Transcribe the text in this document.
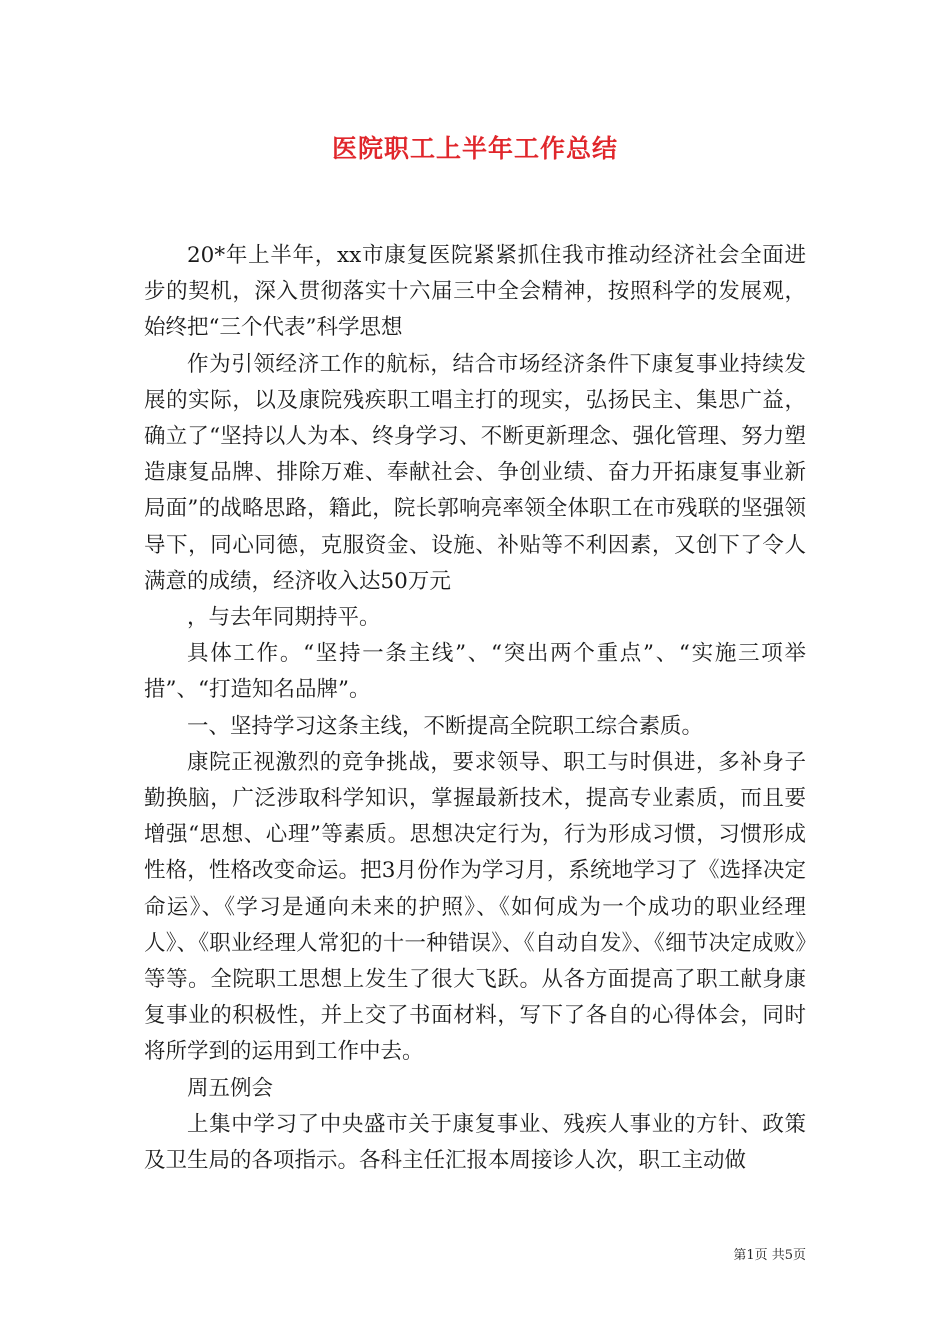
医院职工上半年工作总结

20*年上半年，xx市康复医院紧紧抓住我市推动经济社会全面进步的契机，深入贯彻落实十六届三中全会精神，按照科学的发展观，始终把“三个代表”科学思想

作为引领经济工作的航标，结合市场经济条件下康复事业持续发展的实际，以及康院残疾职工唱主打的现实，弘扬民主、集思广益，确立了“坚持以人为本、终身学习、不断更新理念、强化管理、努力塑造康复品牌、排除万难、奉献社会、争创业绩、奋力开拓康复事业新局面”的战略思路，籍此，院长郭响亮率领全体职工在市残联的坚强领导下，同心同德，克服资金、设施、补贴等不利因素，又创下了令人满意的成绩，经济收入达50万元

，与去年同期持平。

具体工作。“坚持一条主线”、“突出两个重点”、“实施三项举措”、“打造知名品牌”。

一、坚持学习这条主线，不断提高全院职工综合素质。

康院正视激烈的竞争挑战，要求领导、职工与时俱进，多补身子勤换脑，广泛涉取科学知识，掌握最新技术，提高专业素质，而且要增强“思想、心理”等素质。思想决定行为，行为形成习惯，习惯形成性格，性格改变命运。把3月份作为学习月，系统地学习了《选择决定命运》、《学习是通向未来的护照》、《如何成为一个成功的职业经理人》、《职业经理人常犯的十一种错误》、《自动自发》、《细节决定成败》等等。全院职工思想上发生了很大飞跃。从各方面提高了职工献身康复事业的积极性，并上交了书面材料，写下了各自的心得体会，同时将所学到的运用到工作中去。

周五例会

上集中学习了中央盛市关于康复事业、残疾人事业的方针、政策及卫生局的各项指示。各科主任汇报本周接诊人次，职工主动做

第1页 共5页
